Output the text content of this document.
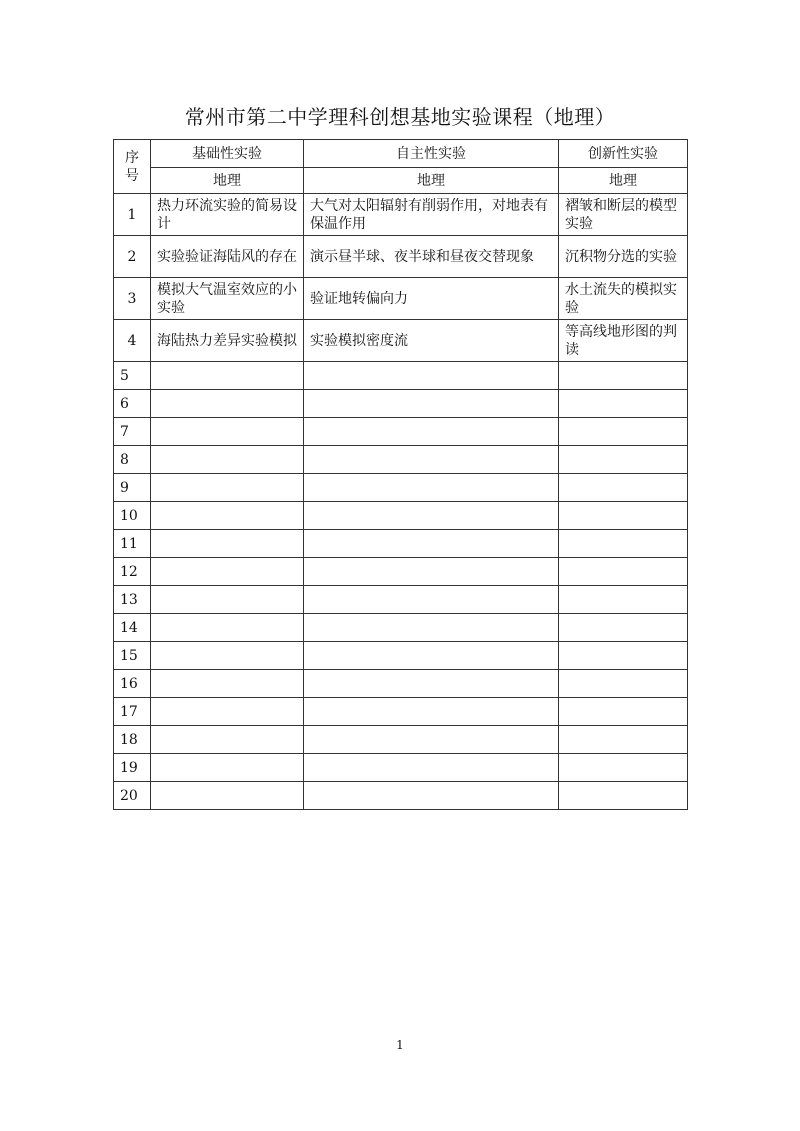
常州市第二中学理科创想基地实验课程（地理）
序
号	基础性实验	自主性实验	创新性实验
	地理	地理	地理
1	热力环流实验的简易设计	大气对太阳辐射有削弱作用，对地表有保温作用	褶皱和断层的模型实验
2	实验验证海陆风的存在	演示昼半球、夜半球和昼夜交替现象	沉积物分选的实验
3	模拟大气温室效应的小实验	验证地转偏向力	水土流失的模拟实验
4	海陆热力差异实验模拟	实验模拟密度流	等高线地形图的判读
5			
6			
7			
8			
9			
10			
11			
12			
13			
14			
15			
16			
17			
18			
19			
20			
1
